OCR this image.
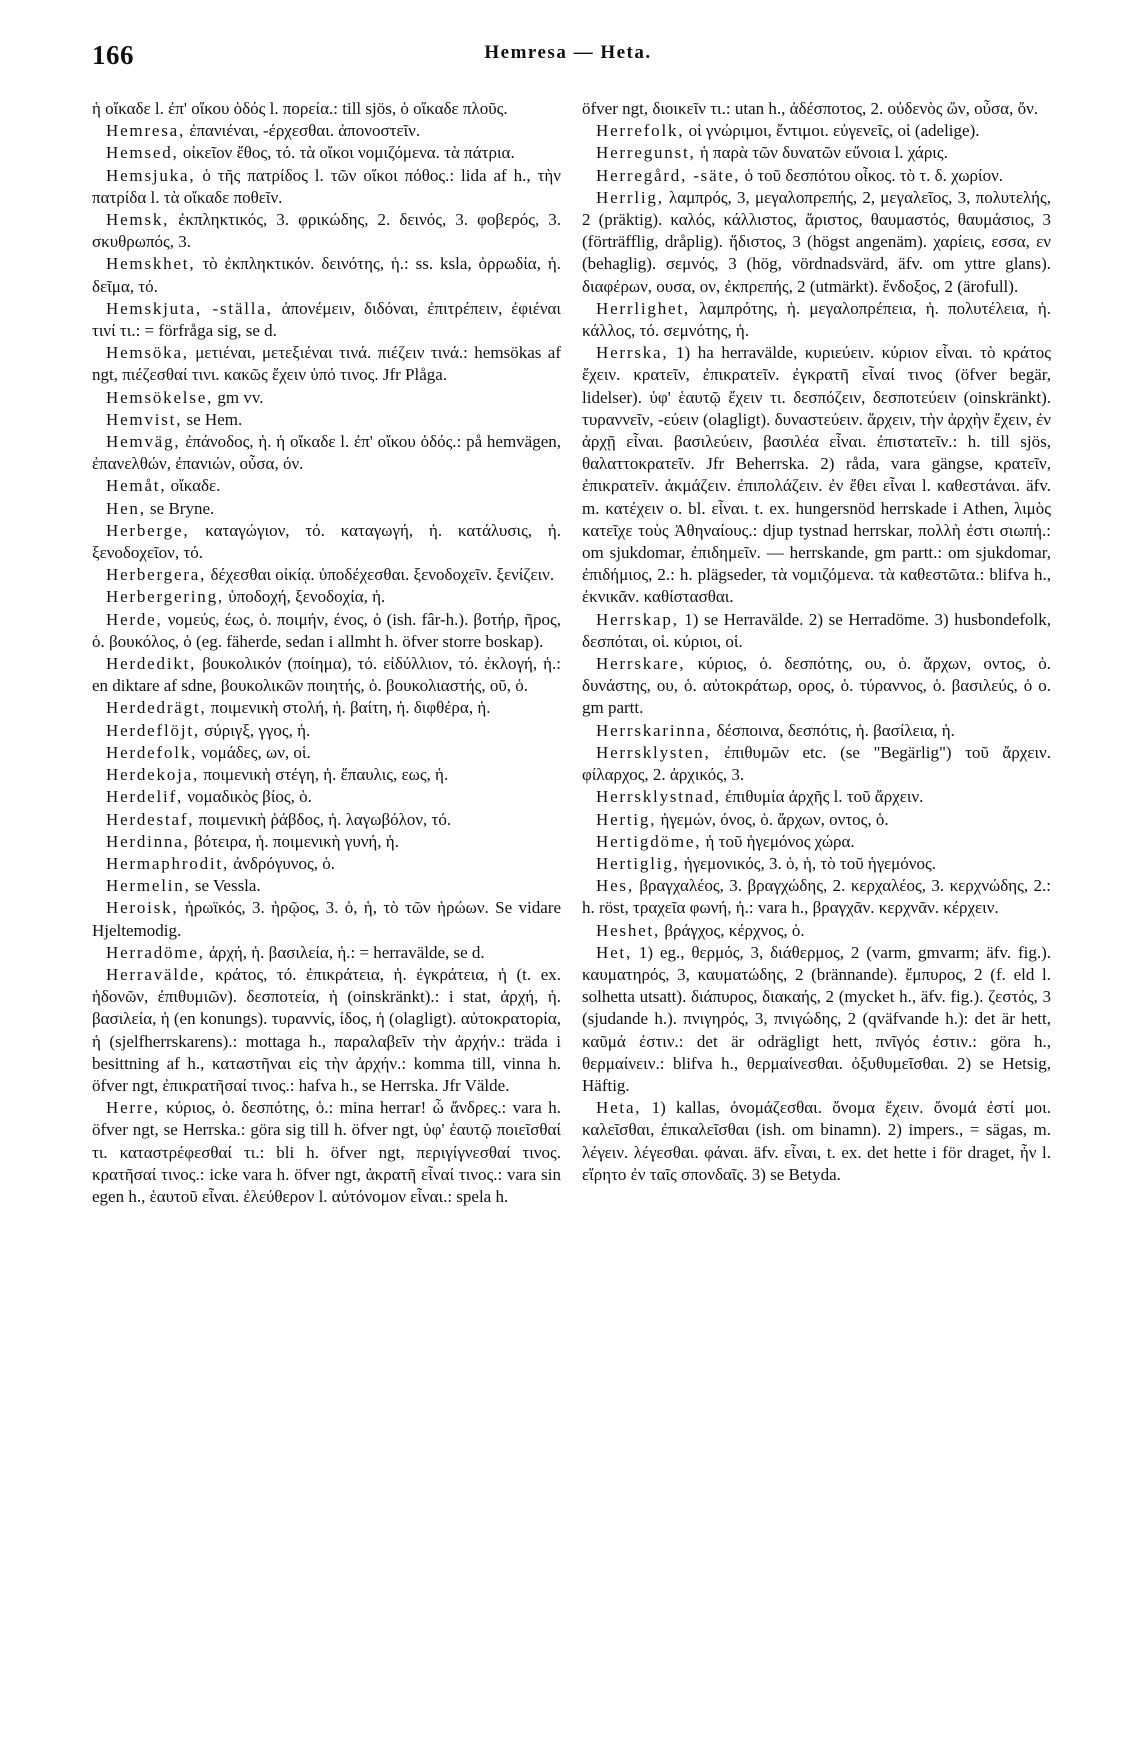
166	Hemresa — Heta.

ἡ οἴκαδε l. ἐπ' οἴκου ὁδός l. πορεία.: till sjös, ὁ οἴκαδε πλοῦς.

Hemresa, ἐπανιέναι, -έρχεσθαι. ἀπονοστεῖν.

Hemsed, οἰκεῖον ἔθος, τό. τὰ οἴκοι νομιζόμενα. τὰ πάτρια.

Hemsjuka, ὁ τῆς πατρίδος l. τῶν οἴκοι πόθος.: lida af h., τὴν πατρίδα l. τὰ οἴκαδε ποθεῖν.

Hemsk, ἐκπληκτικός, 3. φρικώδης, 2. δεινός, 3. φοβερός, 3. σκυθρωπός, 3.

Hemskhet, τὸ ἐκπληκτικόν. δεινότης, ἡ.: ss. ksla, ὀρρωδία, ἡ. δεῖμα, τό.

Hemskjuta, -ställa, ἀπονέμειν, διδόναι, ἐπιτρέπειν, ἐφιέναι τινί τι.: = förfråga sig, se d.

Hemsöka, μετιέναι, μετεξιέναι τινά. πιέζειν τινά.: hemsökas af ngt, πιέζεσθαί τινι. κακῶς ἔχειν ὑπό τινος. Jfr Plåga.

Hemsökelse, gm vv.

Hemvist, se Hem.

Hemväg, ἐπάνοδος, ἡ. ἡ οἴκαδε l. ἐπ' οἴκου ὁδός.: på hemvägen, ἐπανελθών, ἐπανιών, οὖσα, όν.

Hemåt, οἴκαδε.

Hen, se Bryne.

Herberge, καταγώγιον, τό. καταγωγή, ἡ. κατάλυσις, ἡ. ξενοδοχεῖον, τό.

Herbergera, δέχεσθαι οἰκίᾳ. ὑποδέχεσθαι. ξενοδοχεῖν. ξενίζειν.

Herbergering, ὑποδοχή, ξενοδοχία, ἡ.

Herde, νομεύς, έως, ὁ. ποιμήν, ένος, ὁ (ish. fâr-h.). βοτήρ, ῆρος, ὁ. βουκόλος, ὁ (eg. fäherde, sedan i allmht h. öfver storre boskap).

Herdedikt, βουκολικόν (ποίημα), τό. εἰδύλλιον, τό. ἐκλογή, ἡ.: en diktare af sdne, βουκολικῶν ποιητής, ὁ. βουκολιαστής, οῦ, ὁ.

Herdedrägt, ποιμενικὴ στολή, ἡ. βαίτη, ἡ. διφθέρα, ἡ.

Herdeflöjt, σύριγξ, γγος, ἡ.

Herdefolk, νομάδες, ων, οἱ.

Herdekoja, ποιμενικὴ στέγη, ἡ. ἔπαυλις, εως, ἡ.

Herdelif, νομαδικὸς βίος, ὁ.

Herdestaf, ποιμενικὴ ῥάβδος, ἡ. λαγωβόλον, τό.

Herdinna, βότειρα, ἡ. ποιμενικὴ γυνή, ἡ.

Hermaphrodit, ἀνδρόγυνος, ὁ.

Hermelin, se Vessla.

Heroisk, ἡρωϊκός, 3. ἡρῷος, 3. ὁ, ἡ, τὸ τῶν ἡρώων. Se vidare Hjeltemodig.

Herradöme, ἀρχή, ἡ. βασιλεία, ἡ.: = herravälde, se d.

Herravälde, κράτος, τό. ἐπικράτεια, ἡ. ἐγκράτεια, ἡ (t. ex. ἡδονῶν, ἐπιθυμιῶν). δεσποτεία, ἡ (oinskränkt).: i stat, ἀρχή, ἡ. βασιλεία, ἡ (en konungs). τυραννίς, ίδος, ἡ (olagligt). αὐτοκρατορία, ἡ (sjelfherrskarens).: mottaga h., παραλαβεῖν τὴν ἀρχήν.: träda i besittning af h., καταστῆναι εἰς τὴν ἀρχήν.: komma till, vinna h. öfver ngt, ἐπικρατῆσαί τινος.: hafva h., se Herrska. Jfr Välde.

Herre, κύριος, ὁ. δεσπότης, ὁ.: mina herrar! ὦ ἄνδρες.: vara h. öfver ngt, se Herrska.: göra sig till h. öfver ngt, ὑφ' ἑαυτῷ ποιεῖσθαί τι. καταστρέφεσθαί τι.: bli h. öfver ngt, περιγίγνεσθαί τινος. κρατῆσαί τινος.: icke vara h. öfver ngt, ἀκρατῆ εἶναί τινος.: vara sin egen h., ἑαυτοῦ εἶναι. ἐλεύθερον l. αὐτόνομον εἶναι.: spela h.

öfver ngt, διοικεῖν τι.: utan h., ἀδέσποτος, 2. οὐδενὸς ὤν, οὖσα, ὄν.

Herrefolk, οἱ γνώριμοι, ἔντιμοι. εὐγενεῖς, οἱ (adelige).

Herregunst, ἡ παρὰ τῶν δυνατῶν εὔνοια l. χάρις.

Herregård, -säte, ὁ τοῦ δεσπότου οἶκος. τὸ τ. δ. χωρίον.

Herrlig, λαμπρός, 3, μεγαλοπρεπής, 2, μεγαλεῖος, 3, πολυτελής, 2 (präktig). καλός, κάλλιστος, ἄριστος, θαυμαστός, θαυμάσιος, 3 (förträfflig, dråplig). ἥδιστος, 3 (högst angenäm). χαρίεις, εσσα, εν (behaglig). σεμνός, 3 (hög, vördnadsvärd, äfv. om yttre glans). διαφέρων, ουσα, ον, ἐκπρεπής, 2 (utmärkt). ἔνδοξος, 2 (ärofull).

Herrlighet, λαμπρότης, ἡ. μεγαλοπρέπεια, ἡ. πολυτέλεια, ἡ. κάλλος, τό. σεμνότης, ἡ.

Herrska, 1) ha herravälde, κυριεύειν. κύριον εἶναι. τὸ κράτος ἔχειν. κρατεῖν, ἐπικρατεῖν. ἐγκρατῆ εἶναί τινος (öfver begär, lidelser). ὑφ' ἑαυτῷ ἔχειν τι. δεσπόζειν, δεσποτεύειν (oinskränkt). τυραννεῖν, -εύειν (olagligt). δυναστεύειν. ἄρχειν, τὴν ἀρχὴν ἔχειν, ἐν ἀρχῇ εἶναι. βασιλεύειν, βασιλέα εἶναι. ἐπιστατεῖν.: h. till sjös, θαλαττοκρατεῖν. Jfr Beherrska. 2) råda, vara gängse, κρατεῖν, ἐπικρατεῖν. ἀκμάζειν. ἐπιπολάζειν. ἐν ἔθει εἶναι l. καθεστάναι. äfv. m. κατέχειν o. bl. εἶναι. t. ex. hungersnöd herrskade i Athen, λιμὸς κατεῖχε τοὺς Ἀθηναίους.: djup tystnad herrskar, πολλὴ ἐστι σιωπή.: om sjukdomar, ἐπιδημεῖν. — herrskande, gm partt.: om sjukdomar, ἐπιδήμιος, 2.: h. plägseder, τὰ νομιζόμενα. τὰ καθεστῶτα.: blifva h., ἐκνικᾶν. καθίστασθαι.

Herrskap, 1) se Herravälde. 2) se Herradöme. 3) husbondefolk, δεσπόται, οἱ. κύριοι, οἱ.

Herrskare, κύριος, ὁ. δεσπότης, ου, ὁ. ἄρχων, οντος, ὁ. δυνάστης, ου, ὁ. αὐτοκράτωρ, ορος, ὁ. τύραννος, ὁ. βασιλεύς, ὁ o. gm partt.

Herrskarinna, δέσποινα, δεσπότις, ἡ. βασίλεια, ἡ.

Herrsklysten, ἐπιθυμῶν etc. (se "Begärlig") τοῦ ἄρχειν. φίλαρχος, 2. ἀρχικός, 3.

Herrsklystnad, ἐπιθυμία ἀρχῆς l. τοῦ ἄρχειν.

Hertig, ἡγεμών, όνος, ὁ. ἄρχων, οντος, ὁ.

Hertigdöme, ἡ τοῦ ἡγεμόνος χώρα.

Hertiglig, ἡγεμονικός, 3. ὁ, ἡ, τὸ τοῦ ἡγεμόνος.

Hes, βραγχαλέος, 3. βραγχώδης, 2. κερχαλέος, 3. κερχνώδης, 2.: h. röst, τραχεῖα φωνή, ἡ.: vara h., βραγχᾶν. κερχνᾶν. κέρχειν.

Heshet, βράγχος, κέρχνος, ὁ.

Het, 1) eg., θερμός, 3, διάθερμος, 2 (varm, gmvarm; äfv. fig.). καυματηρός, 3, καυματώδης, 2 (brännande). ἔμπυρος, 2 (f. eld l. solhetta utsatt). διάπυρος, διακαής, 2 (mycket h., äfv. fig.). ζεστός, 3 (sjudande h.). πνιγηρός, 3, πνιγώδης, 2 (qväfvande h.): det är hett, καῦμά ἐστιν.: det är odrägligt hett, πνῖγός ἐστιν.: göra h., θερμαίνειν.: blifva h., θερμαίνεσθαι. ὀξυθυμεῖσθαι. 2) se Hetsig, Häftig.

Heta, 1) kallas, ὀνομάζεσθαι. ὄνομα ἔχειν. ὄνομά ἐστί μοι. καλεῖσθαι, ἐπικαλεῖσθαι (ish. om binamn). 2) impers., = sägas, m. λέγειν. λέγεσθαι. φάναι. äfv. εἶναι, t. ex. det hette i för draget, ἦν l. εἴρητο ἐν ταῖς σπονδαῖς. 3) se Betyda.
